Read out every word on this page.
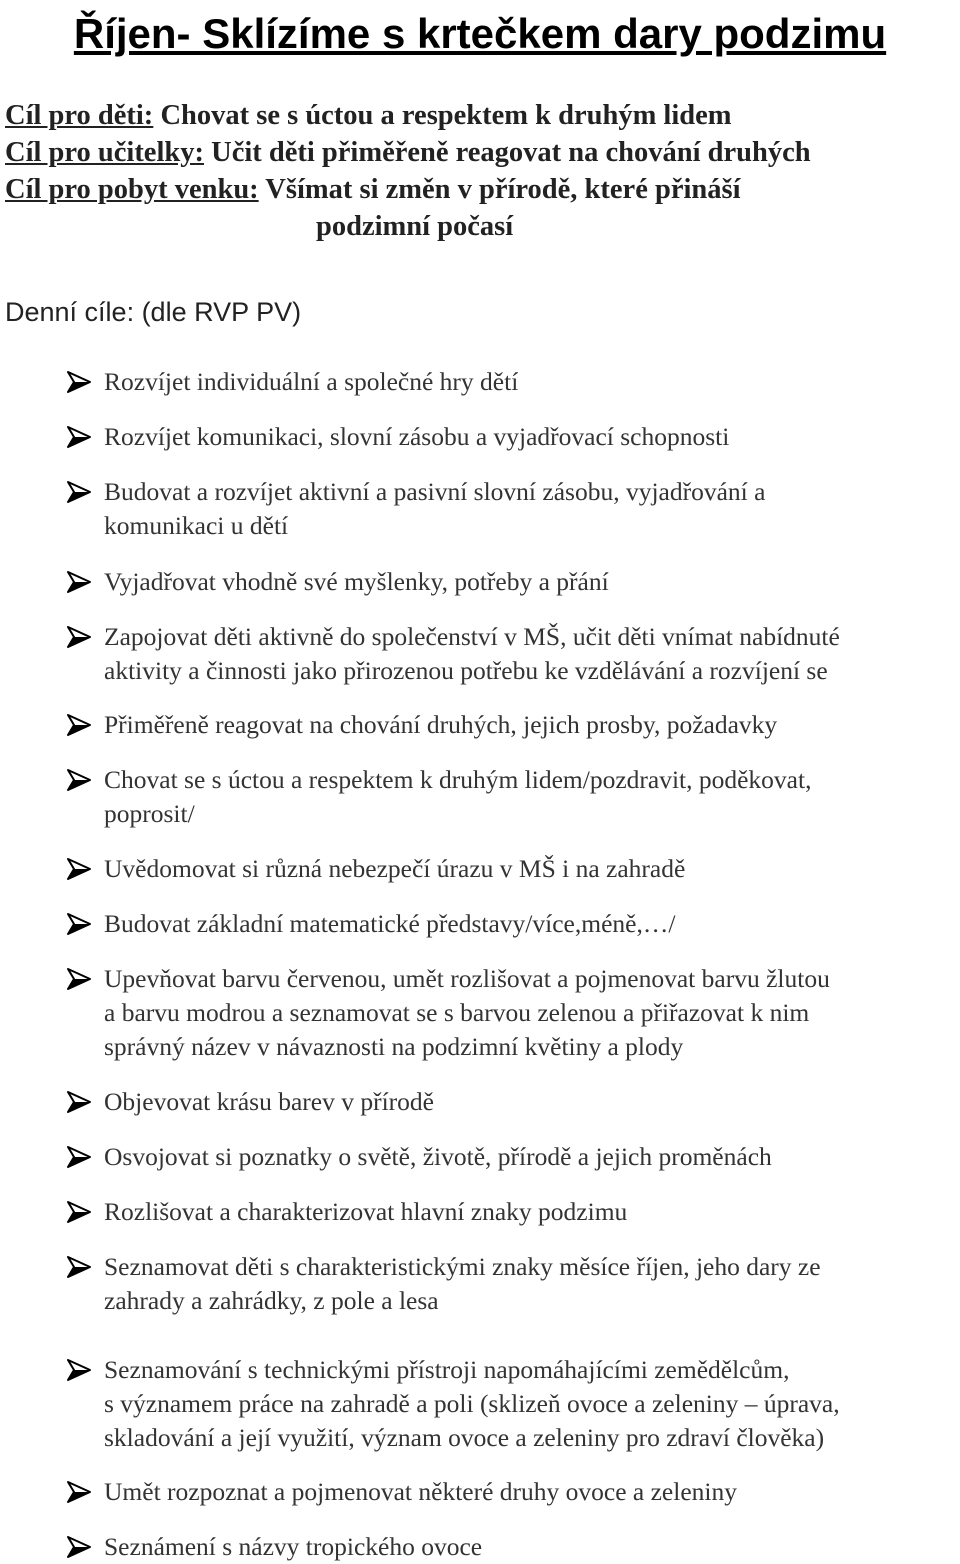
Říjen- Sklízíme s krtečkem dary podzimu
Cíl pro děti: Chovat se s úctou a respektem k druhým lidem
Cíl pro učitelky: Učit děti přiměřeně reagovat na chování druhých
Cíl pro pobyt venku: Všímat si změn v přírodě, které přináší
podzimní počasí
Denní cíle: (dle RVP PV)
Rozvíjet individuální a společné hry dětí
Rozvíjet komunikaci, slovní zásobu a vyjadřovací schopnosti
Budovat a rozvíjet aktivní a pasivní slovní zásobu, vyjadřování a
komunikaci u dětí
Vyjadřovat vhodně své myšlenky, potřeby a přání
Zapojovat děti aktivně do společenství v MŠ, učit děti vnímat nabídnuté
aktivity a činnosti jako přirozenou potřebu ke vzdělávání a rozvíjení se
Přiměřeně reagovat na chování druhých, jejich prosby, požadavky
Chovat se s úctou a respektem k druhým lidem/pozdravit, poděkovat,
poprosit/
Uvědomovat si různá nebezpečí úrazu v MŠ i na zahradě
Budovat základní matematické představy/více,méně,…/
Upevňovat barvu červenou, umět rozlišovat a pojmenovat barvu žlutou
a barvu modrou a seznamovat se s barvou zelenou a přiřazovat k nim
správný název v návaznosti na podzimní květiny a plody
Objevovat krásu barev v přírodě
Osvojovat si poznatky o světě, životě, přírodě a jejich proměnách
Rozlišovat a charakterizovat hlavní znaky podzimu
Seznamovat děti s charakteristickými znaky měsíce říjen, jeho dary ze
zahrady a zahrádky, z pole a lesa
Seznamování s technickými přístroji napomáhajícími zemědělcům,
s významem práce na zahradě a poli (sklizeň ovoce a zeleniny – úprava,
skladování a její využití, význam ovoce a zeleniny pro zdraví člověka)
Umět rozpoznat a pojmenovat některé druhy ovoce a zeleniny
Seznámení s názvy tropického ovoce
